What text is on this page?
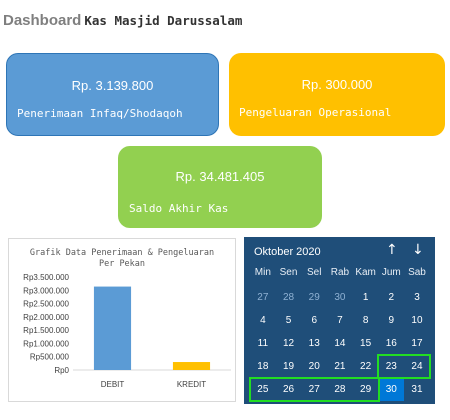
Dashboard Kas Masjid Darussalam
Rp. 3.139.800
Penerimaan Infaq/Shodaqoh
Rp. 300.000
Pengeluaran Operasional
Rp. 34.481.405
Saldo Akhir Kas
Grafik Data Penerimaan & Pengeluaran
Per Pekan
Rp0
Rp500.000
Rp1.000.000
Rp1.500.000
Rp2.000.000
Rp2.500.000
Rp3.000.000
Rp3.500.000
DEBIT	KREDIT
Oktober 2020	↑ ↓
Min Sen Sel Rab Kam Jum Sab
27	28	29	30	1	2	3
4	5	6	7	8	9	10
11	12	13	14	15	16	17
18	19	20	21	22	23	24
25	26	27	28	29	30	31
